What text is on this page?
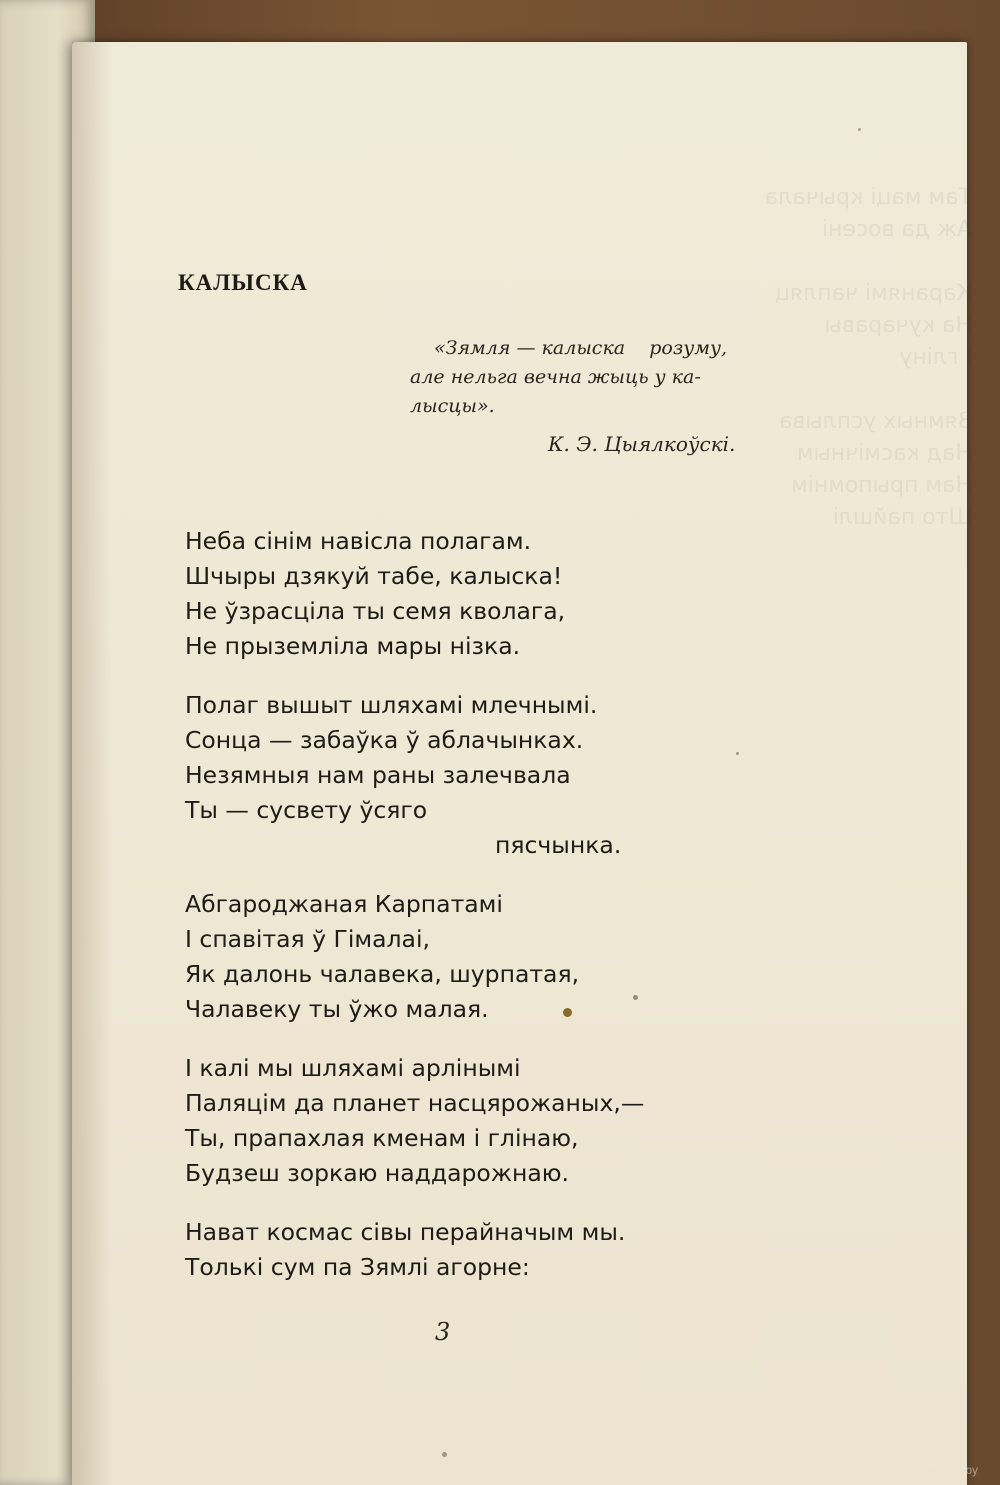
Там маці крычала
Аж да восені

Каранямі чапляц
На кучаравы
І гліну

Зямных усплыва
Над касмічным
Нам прыпомнім
Што пайшлі
КАЛЫСКА
«Зямля — калыска    розуму,
але нельга вечна жыць у ка-
лысцы».
К. Э. Цыялкоўскі.
Неба сінім навісла полагам.
Шчыры дзякуй табе, калыска!
Не ўзрасціла ты семя кволага,
Не прыземліла мары нізка.
Полаг вышыт шляхамі млечнымі.
Сонца — забаўка ў аблачынках.
Незямныя нам раны залечвала
Ты — сусвету ўсяго
пясчынка.
Абгароджаная Карпатамі
І спавітая ў Гімалаі,
Як далонь чалавека, шурпатая,
Чалавеку ты ўжо малая.
І калі мы шляхамі арлінымі
Паляцім да планет насцярожаных,—
Ты, прапахлая кменам і глінаю,
Будзеш зоркаю наддарожнаю.
Нават космас сівы перайначым мы.
Толькі сум па Зямлі агорне:
3
www.ay.by
